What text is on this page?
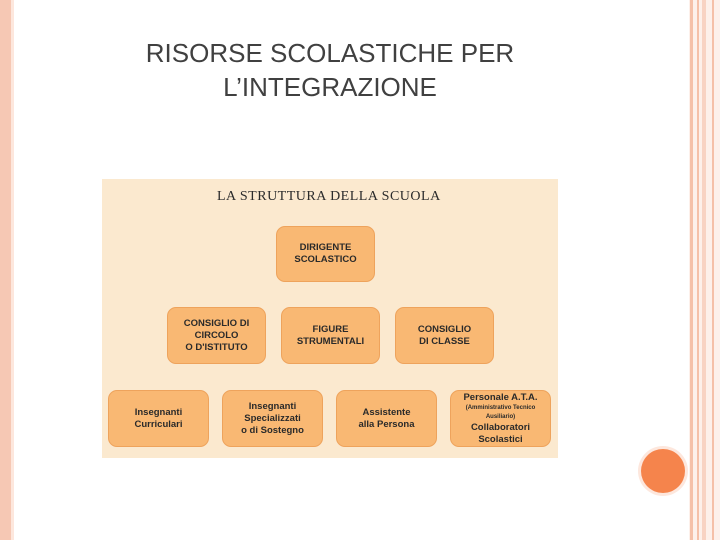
RISORSE SCOLASTICHE PER
L’INTEGRAZIONE
LA STRUTTURA DELLA SCUOLA
DIRIGENTE
SCOLASTICO
CONSIGLIO DI
CIRCOLO
O D'ISTITUTO
FIGURE
STRUMENTALI
CONSIGLIO
DI CLASSE
Insegnanti
Curriculari
Insegnanti
Specializzati
o di Sostegno
Assistente
alla Persona
Personale A.T.A.
(Amministrativo Tecnico Ausiliario)
Collaboratori
Scolastici
